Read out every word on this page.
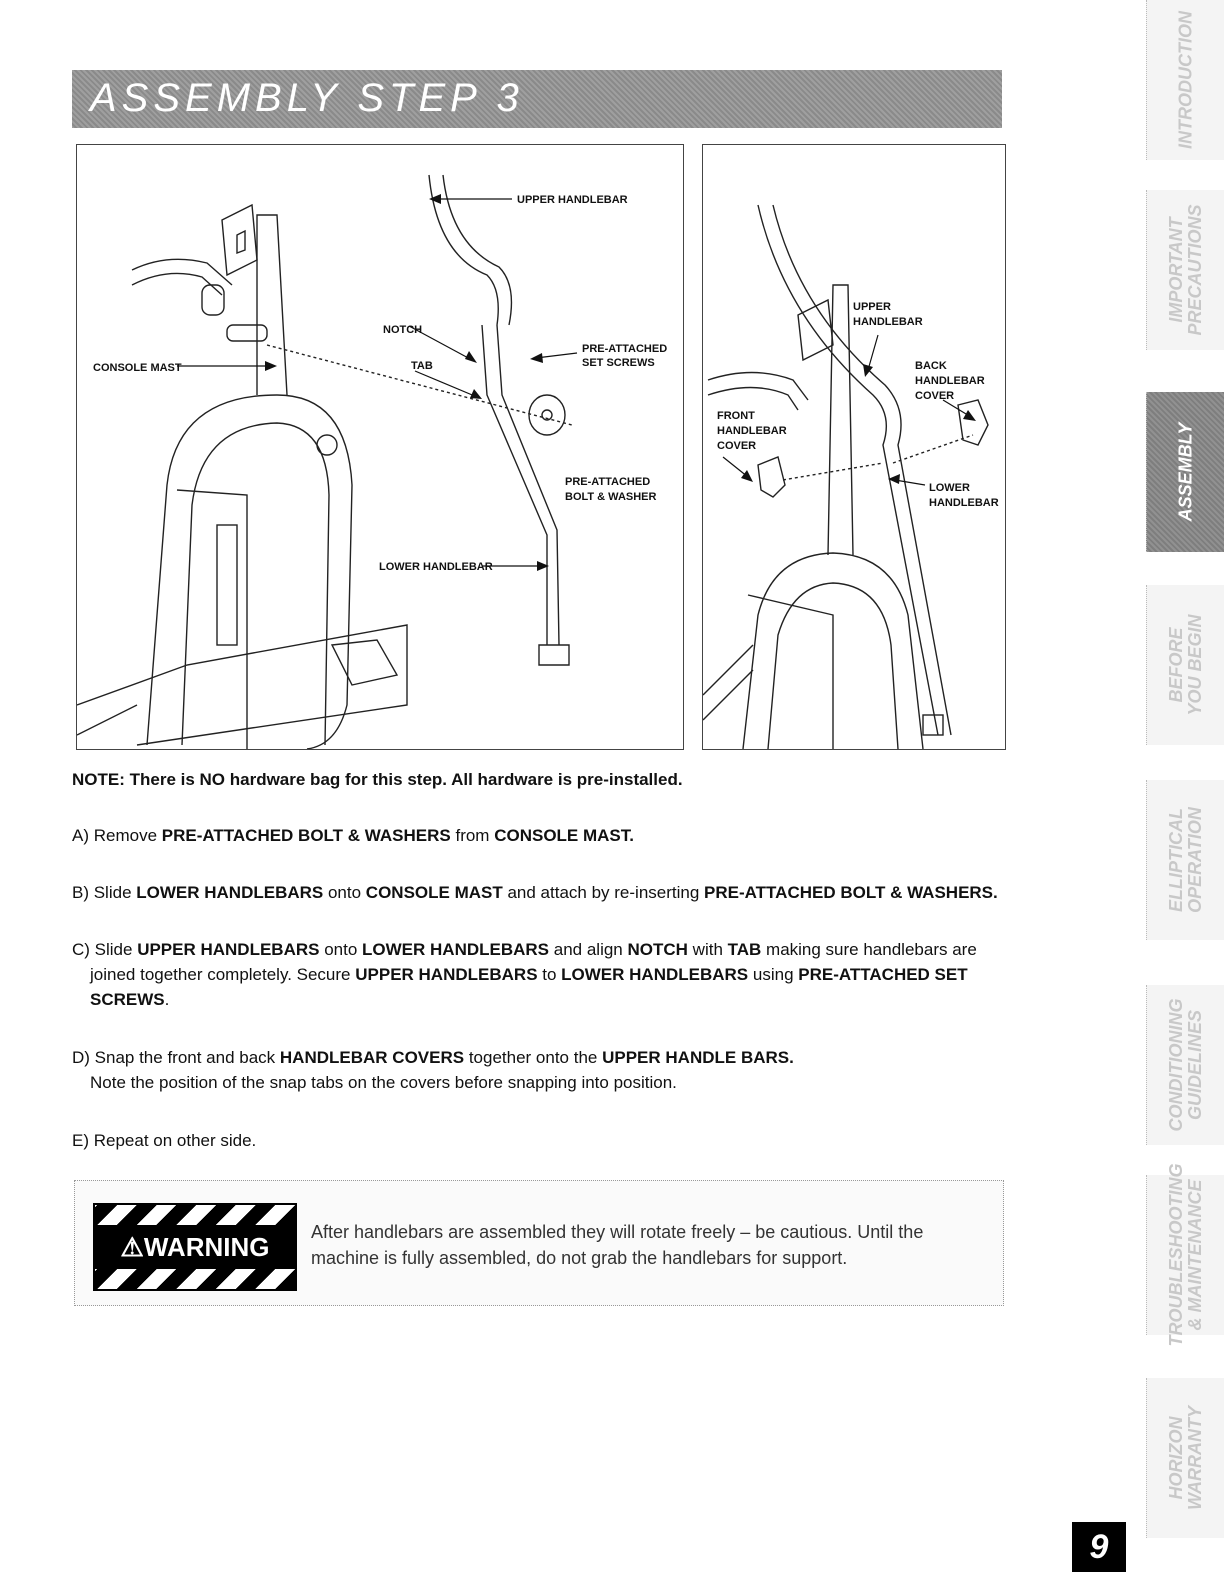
ASSEMBLY STEP 3
UPPER HANDLEBAR
NOTCH
TAB
PRE-ATTACHED
SET SCREWS
CONSOLE MAST
PRE-ATTACHED
BOLT & WASHER
LOWER HANDLEBAR
UPPER
HANDLEBAR
BACK
HANDLEBAR
COVER
FRONT
HANDLEBAR
COVER
LOWER
HANDLEBAR
NOTE: There is NO hardware bag for this step. All hardware is pre-installed.
A) Remove PRE-ATTACHED BOLT & WASHERS from CONSOLE MAST.
B) Slide LOWER HANDLEBARS onto CONSOLE MAST and attach by re-inserting PRE-ATTACHED BOLT & WASHERS.
C) Slide UPPER HANDLEBARS onto LOWER HANDLEBARS and align NOTCH with TAB making sure handlebars are
joined together completely. Secure UPPER HANDLEBARS to LOWER HANDLEBARS using PRE-ATTACHED SET
SCREWS.
D) Snap the front and back HANDLEBAR COVERS together onto the UPPER HANDLE BARS.
Note the position of the snap tabs on the covers before snapping into position.
E) Repeat on other side.
⚠WARNING	After handlebars are assembled they will rotate freely – be cautious. Until the machine is fully assembled, do not grab the handlebars for support.
INTRODUCTION
IMPORTANT PRECAUTIONS
ASSEMBLY
BEFORE YOU BEGIN
ELLIPTICAL OPERATION
CONDITIONING GUIDELINES
TROUBLESHOOTING & MAINTENANCE
HORIZON WARRANTY
9
